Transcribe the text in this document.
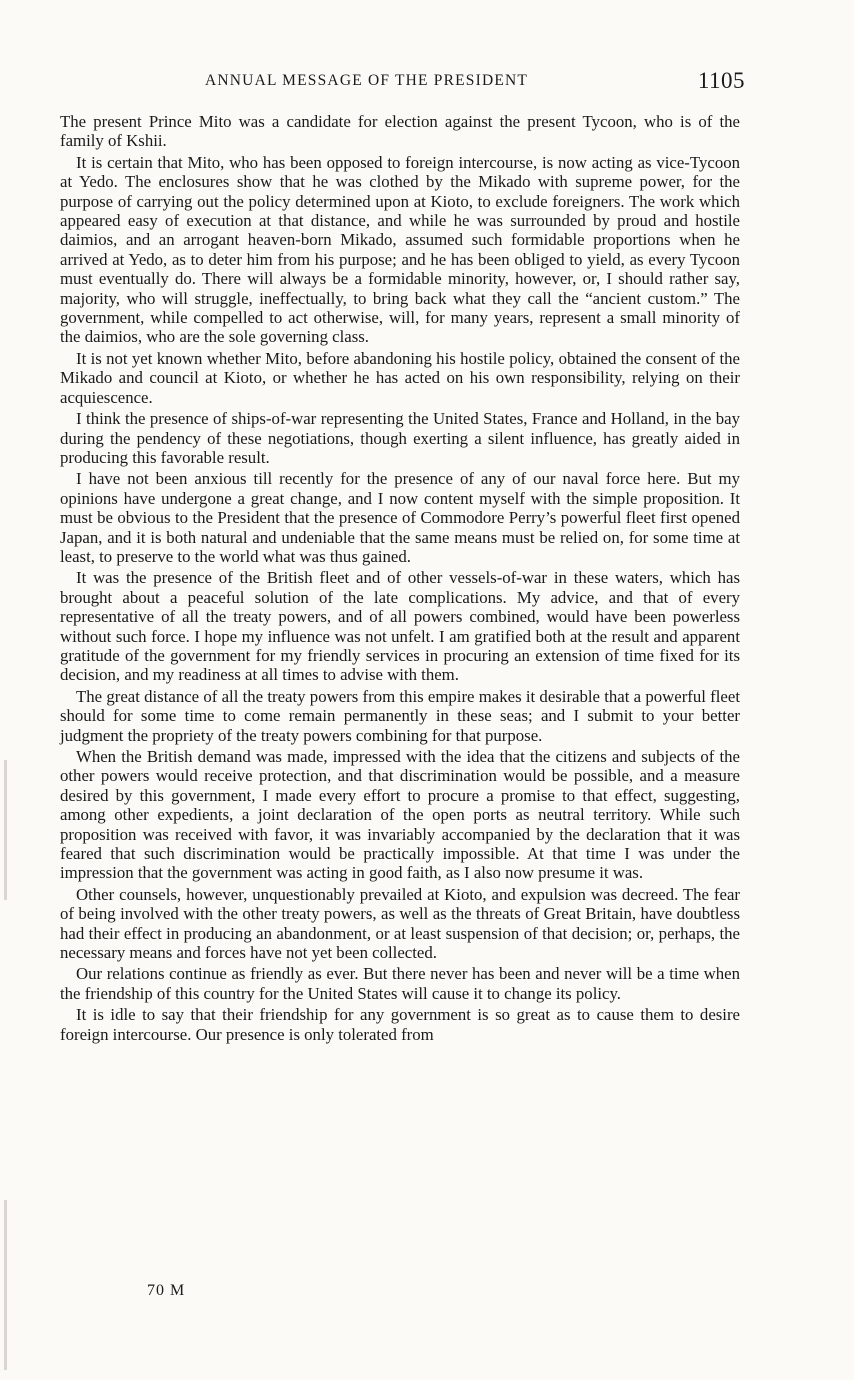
ANNUAL MESSAGE OF THE PRESIDENT	1105

The present Prince Mito was a candidate for election against the present Tycoon, who is of the family of Kshii.

It is certain that Mito, who has been opposed to foreign intercourse, is now acting as vice-Tycoon at Yedo. The enclosures show that he was clothed by the Mikado with supreme power, for the purpose of carrying out the policy determined upon at Kioto, to exclude foreigners. The work which appeared easy of execution at that distance, and while he was surrounded by proud and hostile daimios, and an arrogant heaven-born Mikado, assumed such formidable proportions when he arrived at Yedo, as to deter him from his purpose; and he has been obliged to yield, as every Tycoon must eventually do. There will always be a formidable minority, however, or, I should rather say, majority, who will struggle, ineffectually, to bring back what they call the “ancient custom.” The government, while compelled to act otherwise, will, for many years, represent a small minority of the daimios, who are the sole governing class.

It is not yet known whether Mito, before abandoning his hostile policy, obtained the consent of the Mikado and council at Kioto, or whether he has acted on his own responsibility, relying on their acquiescence.

I think the presence of ships-of-war representing the United States, France and Holland, in the bay during the pendency of these negotiations, though exerting a silent influence, has greatly aided in producing this favorable result.

I have not been anxious till recently for the presence of any of our naval force here. But my opinions have undergone a great change, and I now content myself with the simple proposition. It must be obvious to the President that the presence of Commodore Perry’s powerful fleet first opened Japan, and it is both natural and undeniable that the same means must be relied on, for some time at least, to preserve to the world what was thus gained.

It was the presence of the British fleet and of other vessels-of-war in these waters, which has brought about a peaceful solution of the late complications. My advice, and that of every representative of all the treaty powers, and of all powers combined, would have been powerless without such force. I hope my influence was not unfelt. I am gratified both at the result and apparent gratitude of the government for my friendly services in procuring an extension of time fixed for its decision, and my readiness at all times to advise with them.

The great distance of all the treaty powers from this empire makes it desirable that a powerful fleet should for some time to come remain permanently in these seas; and I submit to your better judgment the propriety of the treaty powers combining for that purpose.

When the British demand was made, impressed with the idea that the citizens and subjects of the other powers would receive protection, and that discrimination would be possible, and a measure desired by this government, I made every effort to procure a promise to that effect, suggesting, among other expedients, a joint declaration of the open ports as neutral territory. While such proposition was received with favor, it was invariably accompanied by the declaration that it was feared that such discrimination would be practically impossible. At that time I was under the impression that the government was acting in good faith, as I also now presume it was.

Other counsels, however, unquestionably prevailed at Kioto, and expulsion was decreed. The fear of being involved with the other treaty powers, as well as the threats of Great Britain, have doubtless had their effect in producing an abandonment, or at least suspension of that decision; or, perhaps, the necessary means and forces have not yet been collected.

Our relations continue as friendly as ever. But there never has been and never will be a time when the friendship of this country for the United States will cause it to change its policy.

It is idle to say that their friendship for any government is so great as to cause them to desire foreign intercourse. Our presence is only tolerated from

70 M
